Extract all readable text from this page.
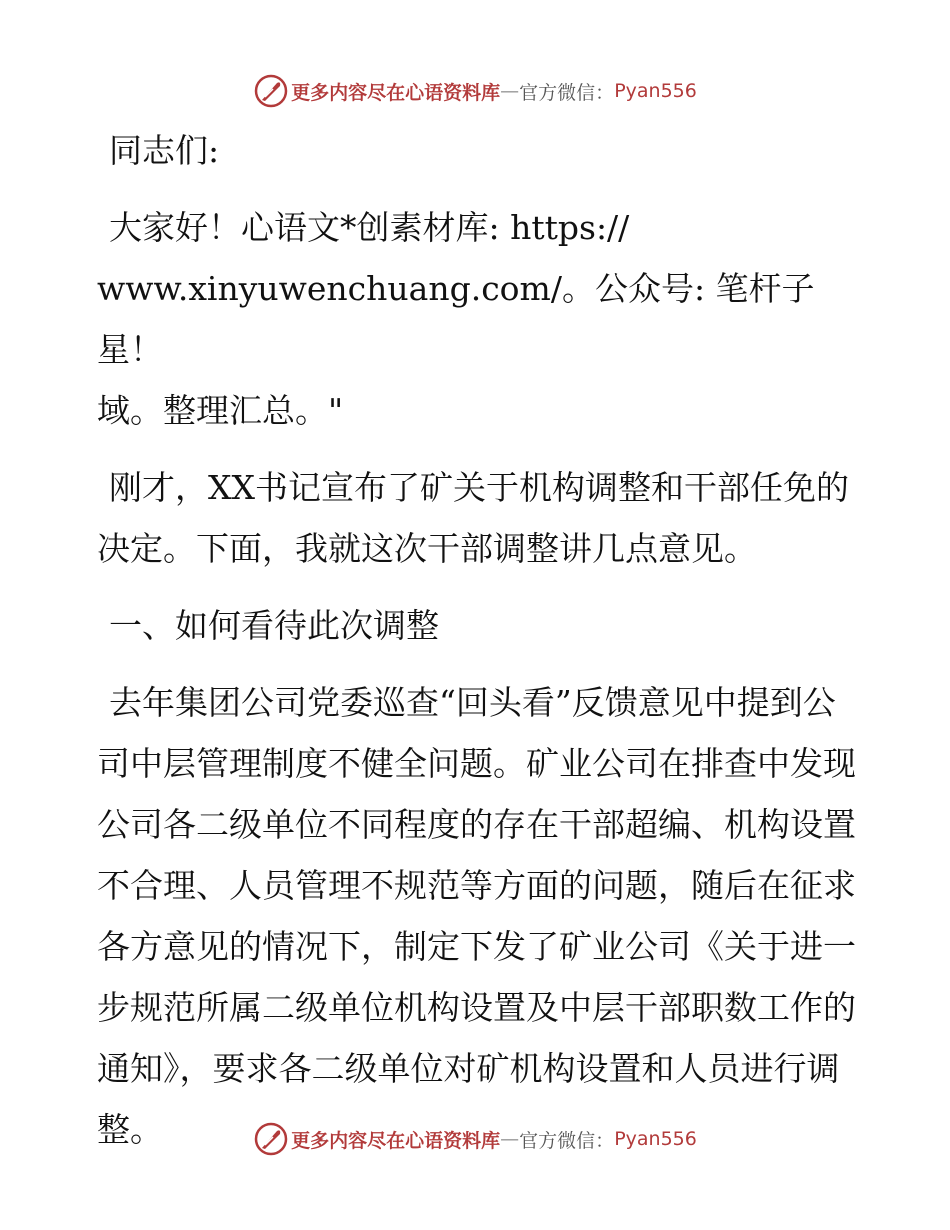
更多内容尽在心语资料库 — 官方微信： Pyan556

同志们:

大家好！心语文*创素材库: https://

www.xinyuwenchuang.com/。公众号: 笔杆子星！

域。整理汇总。"

刚才，XX书记宣布了矿关于机构调整和干部任免的决定。下面，我就这次干部调整讲几点意见。

一、如何看待此次调整

去年集团公司党委巡查“回头看”反馈意见中提到公司中层管理制度不健全问题。矿业公司在排查中发现公司各二级单位不同程度的存在干部超编、机构设置不合理、人员管理不规范等方面的问题，随后在征求各方意见的情况下，制定下发了矿业公司《关于进一步规范所属二级单位机构设置及中层干部职数工作的通知》，要求各二级单位对矿机构设置和人员进行调整。	更多内容尽在心语资料库 — 官方微信： Pyan556
